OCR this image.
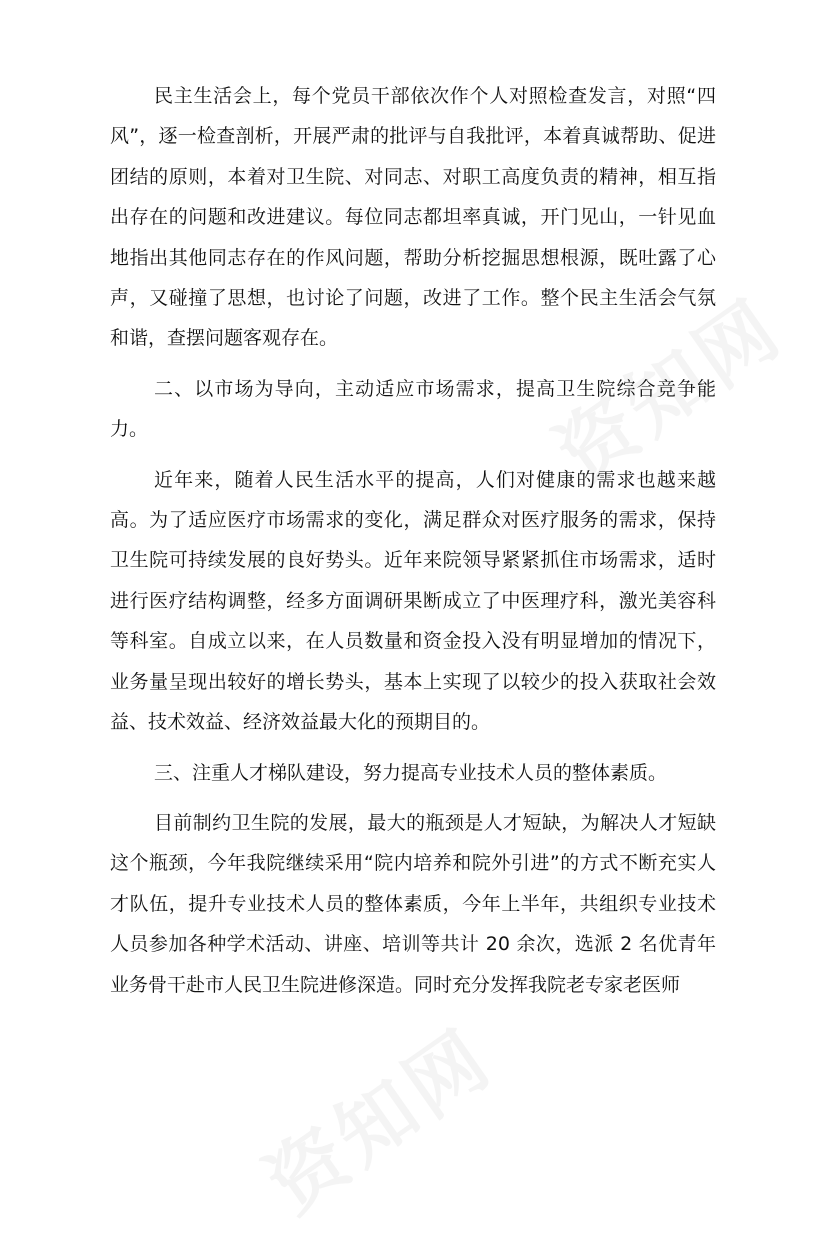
民主生活会上，每个党员干部依次作个人对照检查发言，对照“四风”，逐一检查剖析，开展严肃的批评与自我批评，本着真诚帮助、促进团结的原则，本着对卫生院、对同志、对职工高度负责的精神，相互指出存在的问题和改进建议。每位同志都坦率真诚，开门见山，一针见血地指出其他同志存在的作风问题，帮助分析挖掘思想根源，既吐露了心声，又碰撞了思想，也讨论了问题，改进了工作。整个民主生活会气氛和谐，查摆问题客观存在。

二、以市场为导向，主动适应市场需求，提高卫生院综合竞争能力。

近年来，随着人民生活水平的提高，人们对健康的需求也越来越高。为了适应医疗市场需求的变化，满足群众对医疗服务的需求，保持卫生院可持续发展的良好势头。近年来院领导紧紧抓住市场需求，适时进行医疗结构调整，经多方面调研果断成立了中医理疗科，激光美容科等科室。自成立以来，在人员数量和资金投入没有明显增加的情况下，业务量呈现出较好的增长势头，基本上实现了以较少的投入获取社会效益、技术效益、经济效益最大化的预期目的。

三、注重人才梯队建设，努力提高专业技术人员的整体素质。

目前制约卫生院的发展，最大的瓶颈是人才短缺，为解决人才短缺这个瓶颈，今年我院继续采用“院内培养和院外引进”的方式不断充实人才队伍，提升专业技术人员的整体素质，今年上半年，共组织专业技术人员参加各种学术活动、讲座、培训等共计 20 余次，选派 2 名优青年业务骨干赴市人民卫生院进修深造。同时充分发挥我院老专家老医师
